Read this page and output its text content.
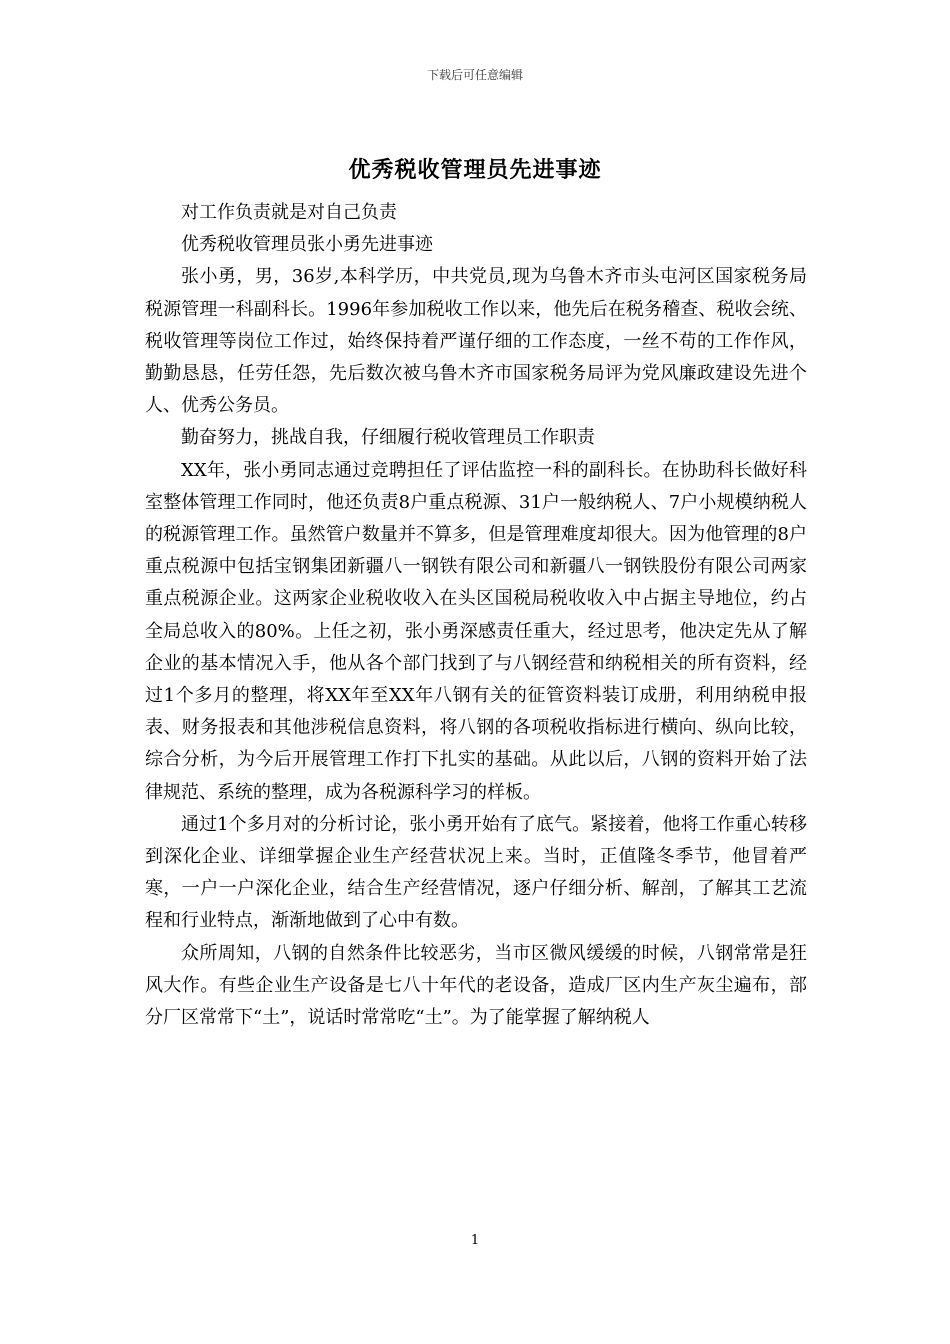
下载后可任意编辑
优秀税收管理员先进事迹

对工作负责就是对自己负责

优秀税收管理员张小勇先进事迹

张小勇，男，36岁,本科学历，中共党员,现为乌鲁木齐市头屯河区国家税务局税源管理一科副科长。1996年参加税收工作以来，他先后在税务稽查、税收会统、税收管理等岗位工作过，始终保持着严谨仔细的工作态度，一丝不苟的工作作风，勤勤恳恳，任劳任怨，先后数次被乌鲁木齐市国家税务局评为党风廉政建设先进个人、优秀公务员。

勤奋努力，挑战自我，仔细履行税收管理员工作职责

XX年，张小勇同志通过竞聘担任了评估监控一科的副科长。在协助科长做好科室整体管理工作同时，他还负责8户重点税源、31户一般纳税人、7户小规模纳税人的税源管理工作。虽然管户数量并不算多，但是管理难度却很大。因为他管理的8户重点税源中包括宝钢集团新疆八一钢铁有限公司和新疆八一钢铁股份有限公司两家重点税源企业。这两家企业税收收入在头区国税局税收收入中占据主导地位，约占全局总收入的80%。上任之初，张小勇深感责任重大，经过思考，他决定先从了解企业的基本情况入手，他从各个部门找到了与八钢经营和纳税相关的所有资料，经过1个多月的整理，将XX年至XX年八钢有关的征管资料装订成册，利用纳税申报表、财务报表和其他涉税信息资料，将八钢的各项税收指标进行横向、纵向比较，综合分析，为今后开展管理工作打下扎实的基础。从此以后，八钢的资料开始了法律规范、系统的整理，成为各税源科学习的样板。

通过1个多月对的分析讨论，张小勇开始有了底气。紧接着，他将工作重心转移到深化企业、详细掌握企业生产经营状况上来。当时，正值隆冬季节，他冒着严寒，一户一户深化企业，结合生产经营情况，逐户仔细分析、解剖，了解其工艺流程和行业特点，渐渐地做到了心中有数。

众所周知，八钢的自然条件比较恶劣，当市区微风缓缓的时候，八钢常常是狂风大作。有些企业生产设备是七八十年代的老设备，造成厂区内生产灰尘遍布，部分厂区常常下“土”，说话时常常吃“土”。为了能掌握了解纳税人

1
